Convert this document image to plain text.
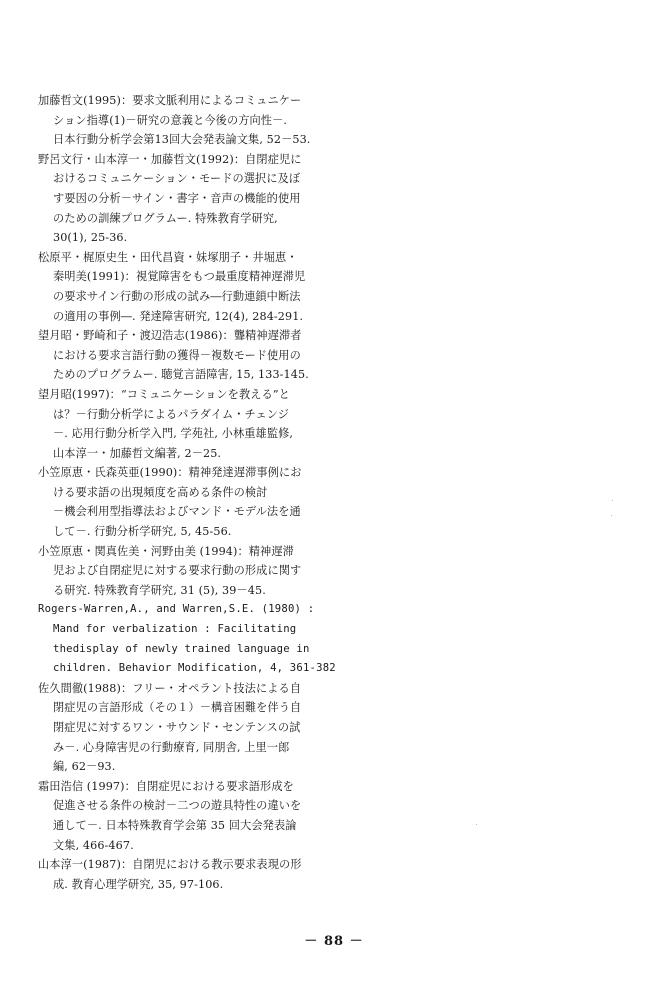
加藤哲文(1995)：要求文脈利用によるコミュニケー
ション指導(1)－研究の意義と今後の方向性－.
日本行動分析学会第13回大会発表論文集, 52－53.
野呂文行・山本淳一・加藤哲文(1992)：自閉症児に
おけるコミュニケーション・モードの選択に及ぼ
す要因の分析－サイン・書字・音声の機能的使用
のための訓練プログラムー. 特殊教育学研究,
30(1), 25-36.
松原平・梶原史生・田代昌資・妹塚朋子・井堀恵・
秦明美(1991)：視覚障害をもつ最重度精神遅滞児
の要求サイン行動の形成の試み―行動連鎖中断法
の適用の事例―. 発達障害研究, 12(4), 284-291.
望月昭・野崎和子・渡辺浩志(1986)：聾精神遅滞者
における要求言語行動の獲得－複数モード使用の
ためのプログラムー. 聴覚言語障害, 15, 133-145.
望月昭(1997)：“コミュニケーションを教える”と
は？－行動分析学によるパラダイム・チェンジ
－. 応用行動分析学入門, 学苑社, 小林重雄監修,
山本淳一・加藤哲文編著, 2－25.
小笠原恵・氏森英亜(1990)：精神発達遅滞事例にお
ける要求語の出現頻度を高める条件の検討
－機会利用型指導法およびマンド・モデル法を通
して－. 行動分析学研究, 5, 45-56.
小笠原恵・関真佐美・河野由美 (1994)：精神遅滞
児および自閉症児に対する要求行動の形成に関す
る研究. 特殊教育学研究, 31 (5), 39－45.
Rogers-Warren,A., and Warren,S.E. (1980) :
Mand for verbalization : Facilitating
thedisplay of newly trained language in
children. Behavior Modification, 4, 361-382
佐久間徹(1988)：フリー・オペラント技法による自
閉症児の言語形成（その１）－構音困難を伴う自
閉症児に対するワン・サウンド・センテンスの試
み－. 心身障害児の行動療育, 同朋舎, 上里一郎
編, 62－93.
霜田浩信 (1997)：自閉症児における要求語形成を
促進させる条件の検討－二つの遊具特性の違いを
通して－. 日本特殊教育学会第 35 回大会発表論
文集, 466-467.
山本淳一(1987)：自閉児における教示要求表現の形
成. 教育心理学研究, 35, 97-106.
－ 88 －
